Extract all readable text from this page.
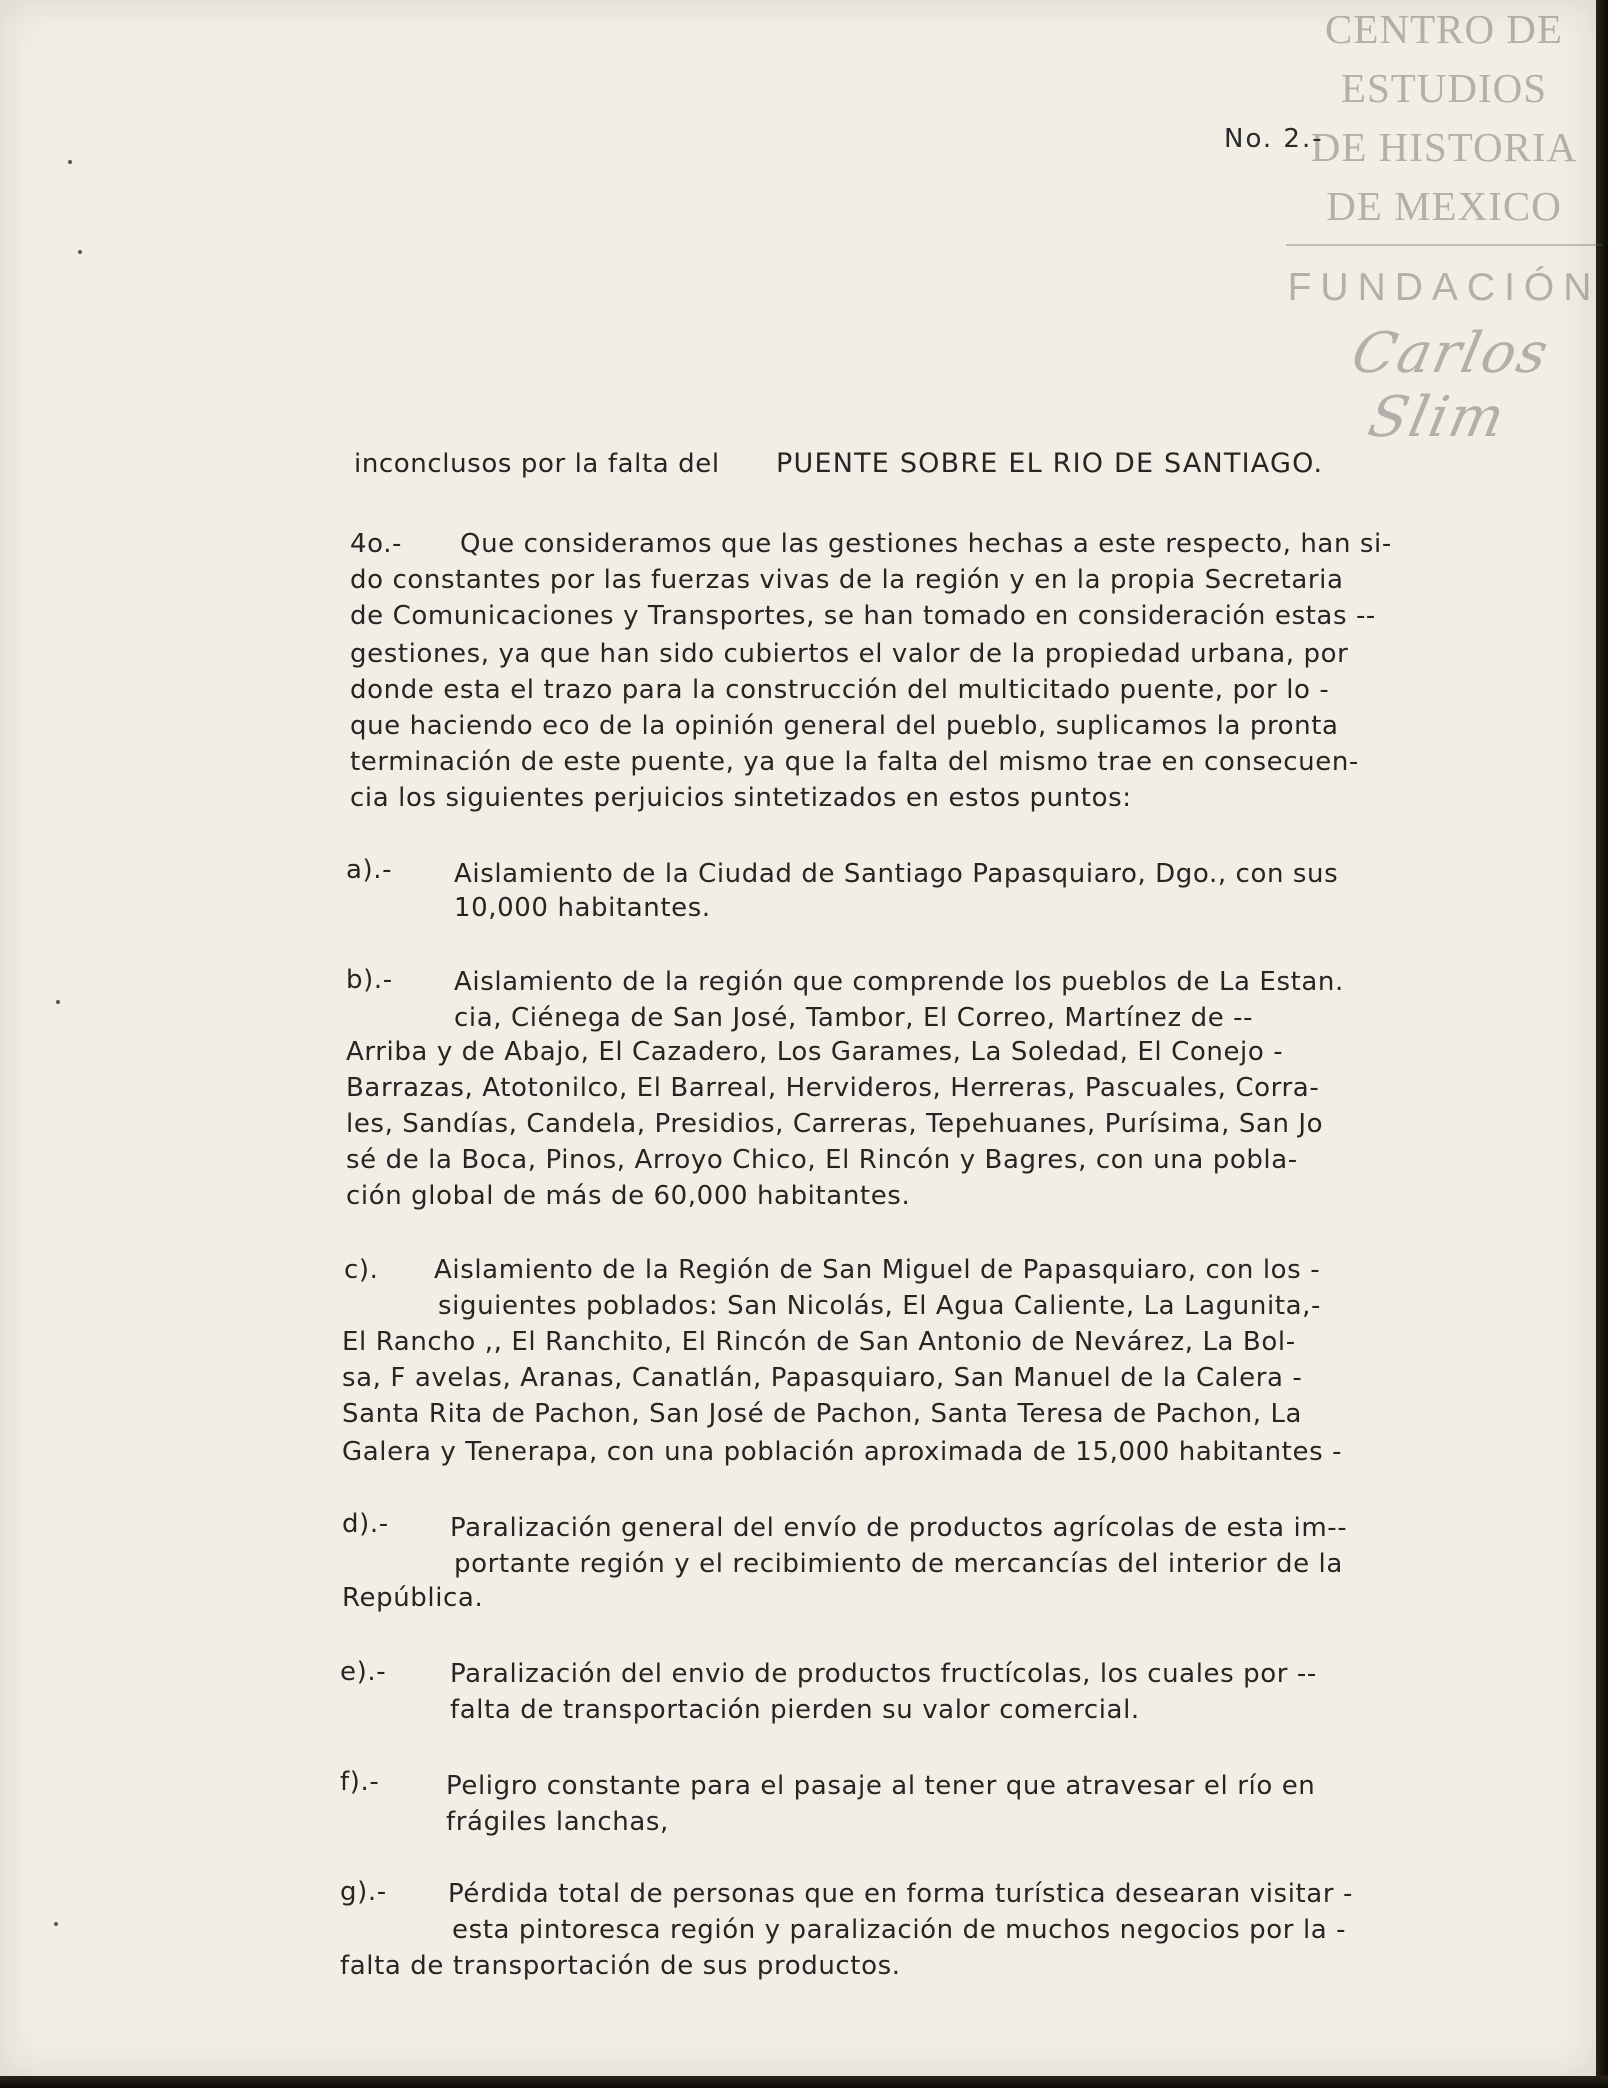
CENTRO DE
ESTUDIOS
DE HISTORIA
DE MEXICO
FUNDACIÓN
Carlos Slim
No. 2.-
inconclusos por la falta del PUENTE SOBRE EL RIO DE SANTIAGO.
4o.- Que consideramos que las gestiones hechas a este respecto, han si-
do constantes por las fuerzas vivas de la región y en la propia Secretaria
de Comunicaciones y Transportes, se han tomado en consideración estas --
gestiones, ya que han sido cubiertos el valor de la propiedad urbana, por
donde esta el trazo para la construcción del multicitado puente, por lo -
que haciendo eco de la opinión general del pueblo, suplicamos la pronta
terminación de este puente, ya que la falta del mismo trae en consecuen-
cia los siguientes perjuicios sintetizados en estos puntos:
a).- Aislamiento de la Ciudad de Santiago Papasquiaro, Dgo., con sus
10,000 habitantes.
b).- Aislamiento de la región que comprende los pueblos de La Estan.
cia, Ciénega de San José, Tambor, El Correo, Martínez de --
Arriba y de Abajo, El Cazadero, Los Garames, La Soledad, El Conejo -
Barrazas, Atotonilco, El Barreal, Hervideros, Herreras, Pascuales, Corra-
les, Sandías, Candela, Presidios, Carreras, Tepehuanes, Purísima, San Jo
sé de la Boca, Pinos, Arroyo Chico, El Rincón y Bagres, con una pobla-
ción global de más de 60,000 habitantes.
c). Aislamiento de la Región de San Miguel de Papasquiaro, con los -
siguientes poblados: San Nicolás, El Agua Caliente, La Lagunita,-
El Rancho ,, El Ranchito, El Rincón de San Antonio de Nevárez, La Bol-
sa, F avelas, Aranas, Canatlán, Papasquiaro, San Manuel de la Calera -
Santa Rita de Pachon, San José de Pachon, Santa Teresa de Pachon, La
Galera y Tenerapa, con una población aproximada de 15,000 habitantes -
d).- Paralización general del envío de productos agrícolas de esta im--
portante región y el recibimiento de mercancías del interior de la
República.
e).- Paralización del envio de productos fructícolas, los cuales por --
falta de transportación pierden su valor comercial.
f).-	Peligro constante para el pasaje al tener que atravesar el río en
frágiles lanchas,
g).- Pérdida total de personas que en forma turística desearan visitar -
esta pintoresca región y paralización de muchos negocios por la -
falta de transportación de sus productos.
